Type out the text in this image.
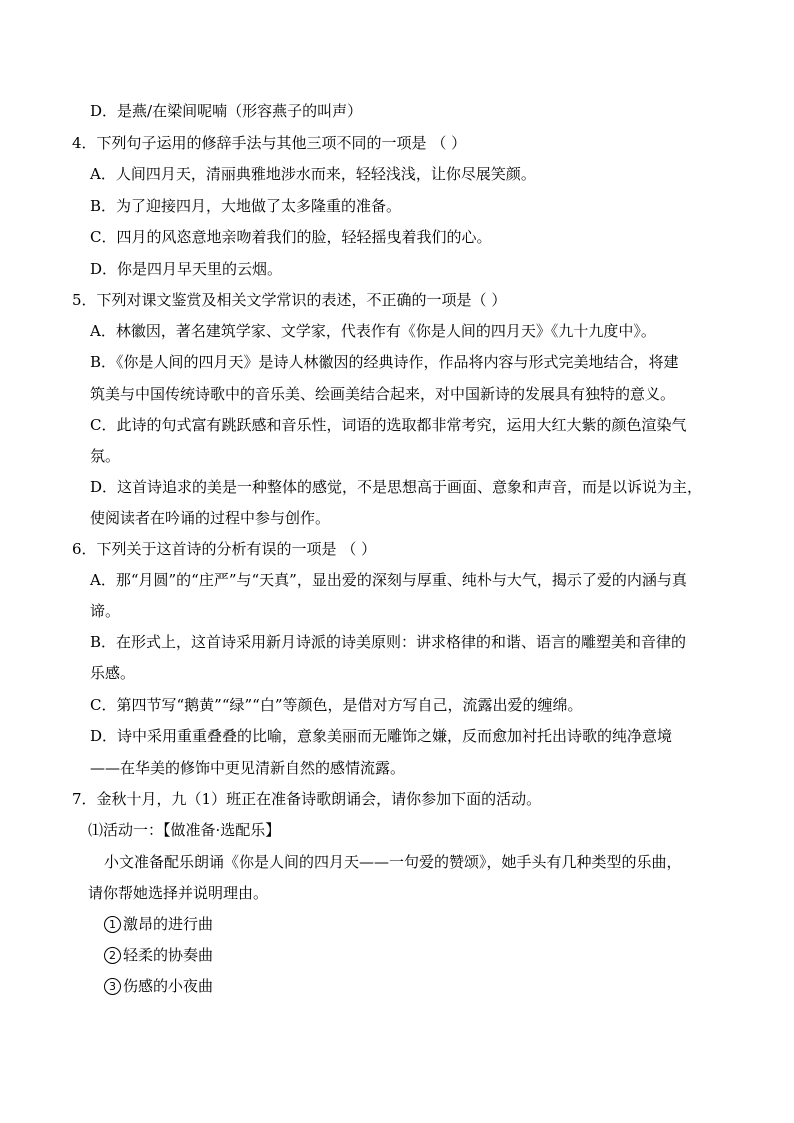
D．是燕/在梁间呢喃（形容燕子的叫声）
4．下列句子运用的修辞手法与其他三项不同的一项是 （ ）
A．人间四月天，清丽典雅地涉水而来，轻轻浅浅，让你尽展笑颜。
B．为了迎接四月，大地做了太多隆重的准备。
C．四月的风恣意地亲吻着我们的脸，轻轻摇曳着我们的心。
D．你是四月早天里的云烟。
5．下列对课文鉴赏及相关文学常识的表述，不正确的一项是（ ）
A．林徽因，著名建筑学家、文学家，代表作有《你是人间的四月天》《九十九度中》。
B．《你是人间的四月天》是诗人林徽因的经典诗作，作品将内容与形式完美地结合，将建
筑美与中国传统诗歌中的音乐美、绘画美结合起来，对中国新诗的发展具有独特的意义。
C．此诗的句式富有跳跃感和音乐性，词语的选取都非常考究，运用大红大紫的颜色渲染气
氛。
D．这首诗追求的美是一种整体的感觉，不是思想高于画面、意象和声音，而是以诉说为主，
使阅读者在吟诵的过程中参与创作。
6．下列关于这首诗的分析有误的一项是 （ ）
A．那“月圆”的“庄严”与“天真”，显出爱的深刻与厚重、纯朴与大气，揭示了爱的内涵与真
谛。
B．在形式上，这首诗采用新月诗派的诗美原则：讲求格律的和谐、语言的雕塑美和音律的
乐感。
C．第四节写“鹅黄”“绿”“白”等颜色，是借对方写自己，流露出爱的缠绵。
D．诗中采用重重叠叠的比喻，意象美丽而无雕饰之嫌，反而愈加衬托出诗歌的纯净意境
——在华美的修饰中更见清新自然的感情流露。
7．金秋十月，九（1）班正在准备诗歌朗诵会，请你参加下面的活动。
⑴活动一：【做准备·选配乐】
小文准备配乐朗诵《你是人间的四月天——一句爱的赞颂》，她手头有几种类型的乐曲，
请你帮她选择并说明理由。
1 激昂的进行曲
2 轻柔的协奏曲
3 伤感的小夜曲
